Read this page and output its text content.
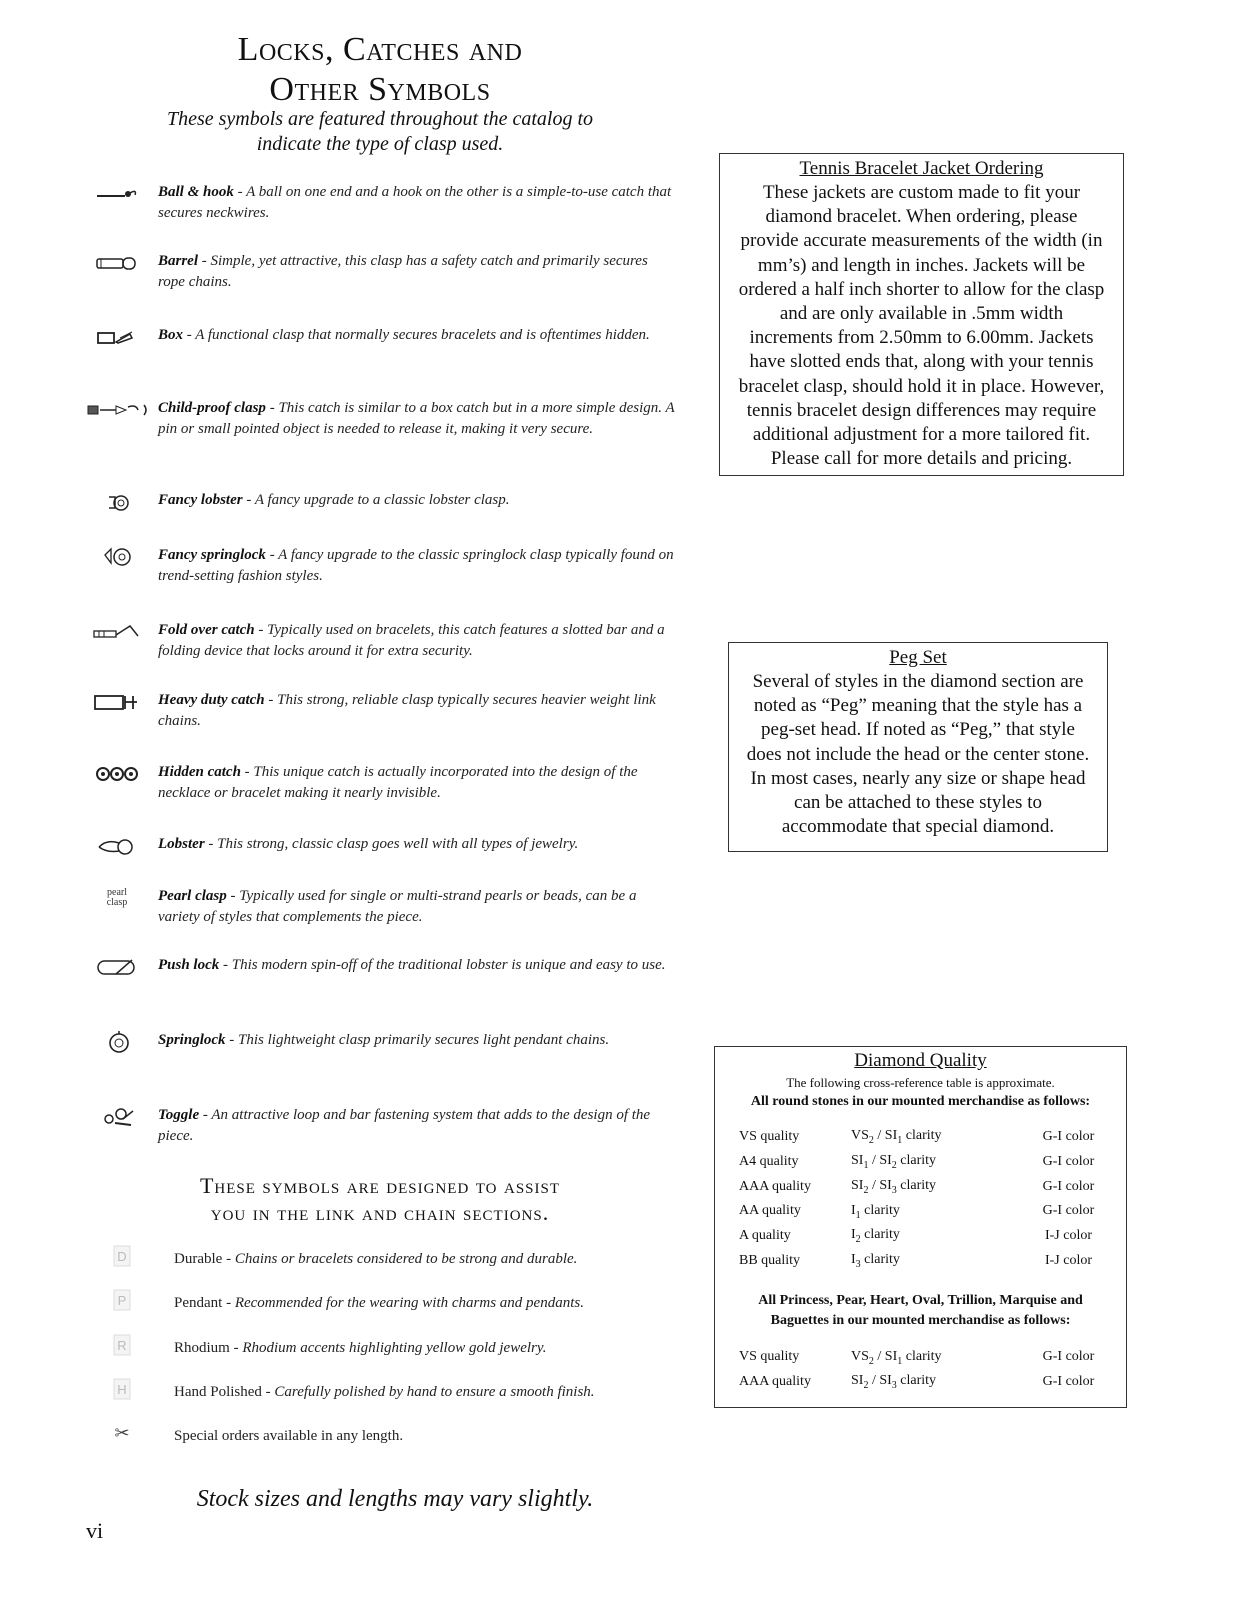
Locks, Catches and
Other Symbols
These symbols are featured throughout the catalog to
indicate the type of clasp used.
Ball & hook - A ball on one end and a hook on the other is a simple-to-use catch that secures neckwires.
Barrel - Simple, yet attractive, this clasp has a safety catch and primarily secures rope chains.
Box - A functional clasp that normally secures bracelets and is oftentimes hidden.
Child-proof clasp - This catch is similar to a box catch but in a more simple design. A pin or small pointed object is needed to release it, making it very secure.
Fancy lobster - A fancy upgrade to a classic lobster clasp.
Fancy springlock - A fancy upgrade to the classic springlock clasp typically found on trend-setting fashion styles.
Fold over catch - Typically used on bracelets, this catch features a slotted bar and a folding device that locks around it for extra security.
Heavy duty catch - This strong, reliable clasp typically secures heavier weight link chains.
Hidden catch - This unique catch is actually incorporated into the design of the necklace or bracelet making it nearly invisible.
Lobster - This strong, classic clasp goes well with all types of jewelry.
pearl clasp	Pearl clasp - Typically used for single or multi-strand pearls or beads, can be a variety of styles that complements the piece.
Push lock - This modern spin-off of the traditional lobster is unique and easy to use.
Springlock - This lightweight clasp primarily secures light pendant chains.
Toggle - An attractive loop and bar fastening system that adds to the design of the piece.
These symbols are designed to assist
you in the link and chain sections.
D	Durable - Chains or bracelets considered to be strong and durable.
P	Pendant - Recommended for the wearing with charms and pendants.
R	Rhodium - Rhodium accents highlighting yellow gold jewelry.
H	Hand Polished - Carefully polished by hand to ensure a smooth finish.
✂	Special orders available in any length.
Stock sizes and lengths may vary slightly.
vi
Tennis Bracelet Jacket Ordering
These jackets are custom made to fit your
diamond bracelet. When ordering, please
provide accurate measurements of the width (in
mm’s) and length in inches. Jackets will be
ordered a half inch shorter to allow for the clasp
and are only available in .5mm width
increments from 2.50mm to 6.00mm. Jackets
have slotted ends that, along with your tennis
bracelet clasp, should hold it in place. However,
tennis bracelet design differences may require
additional adjustment for a more tailored fit.
Please call for more details and pricing.
Peg Set
Several of styles in the diamond section are
noted as “Peg” meaning that the style has a
peg-set head. If noted as “Peg,” that style
does not include the head or the center stone.
In most cases, nearly any size or shape head
can be attached to these styles to
accommodate that special diamond.
Diamond Quality
The following cross-reference table is approximate.
All round stones in our mounted merchandise as follows:
VS quality	$VS_2 / SI_1$ clarity	G-I color
A4 quality	$SI_1 / SI_2$ clarity	G-I color
AAA quality	$SI_2 / SI_3$ clarity	G-I color
AA quality	$I_1$ clarity	G-I color
A quality	$I_2$ clarity	I-J color
BB quality	$I_3$ clarity	I-J color
All Princess, Pear, Heart, Oval, Trillion, Marquise and
Baguettes in our mounted merchandise as follows:
VS quality	$VS_2 / SI_1$ clarity	G-I color
AAA quality	$SI_2 / SI_3$ clarity	G-I color
